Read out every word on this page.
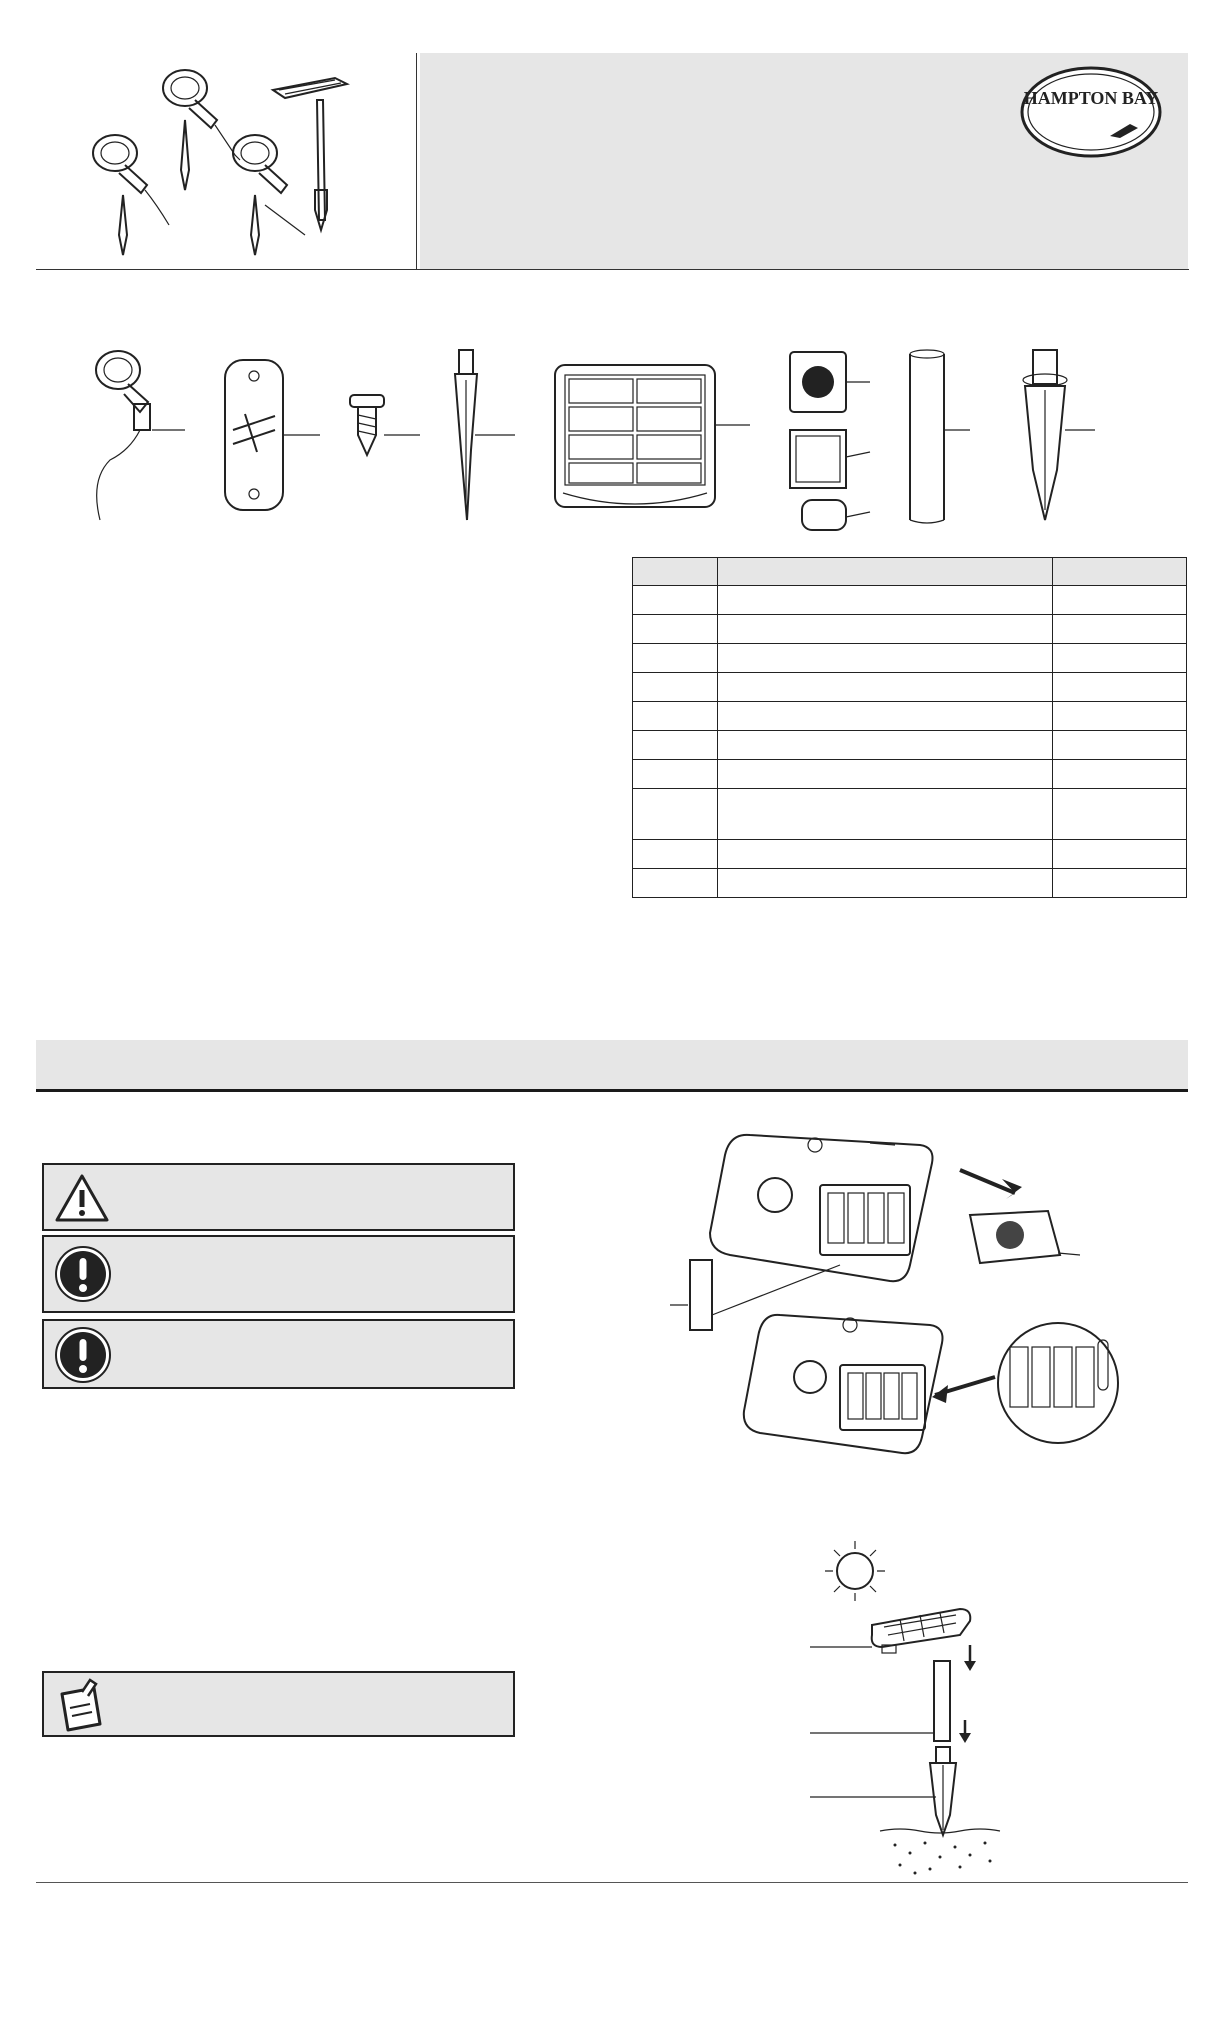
HAMPTON BAY
